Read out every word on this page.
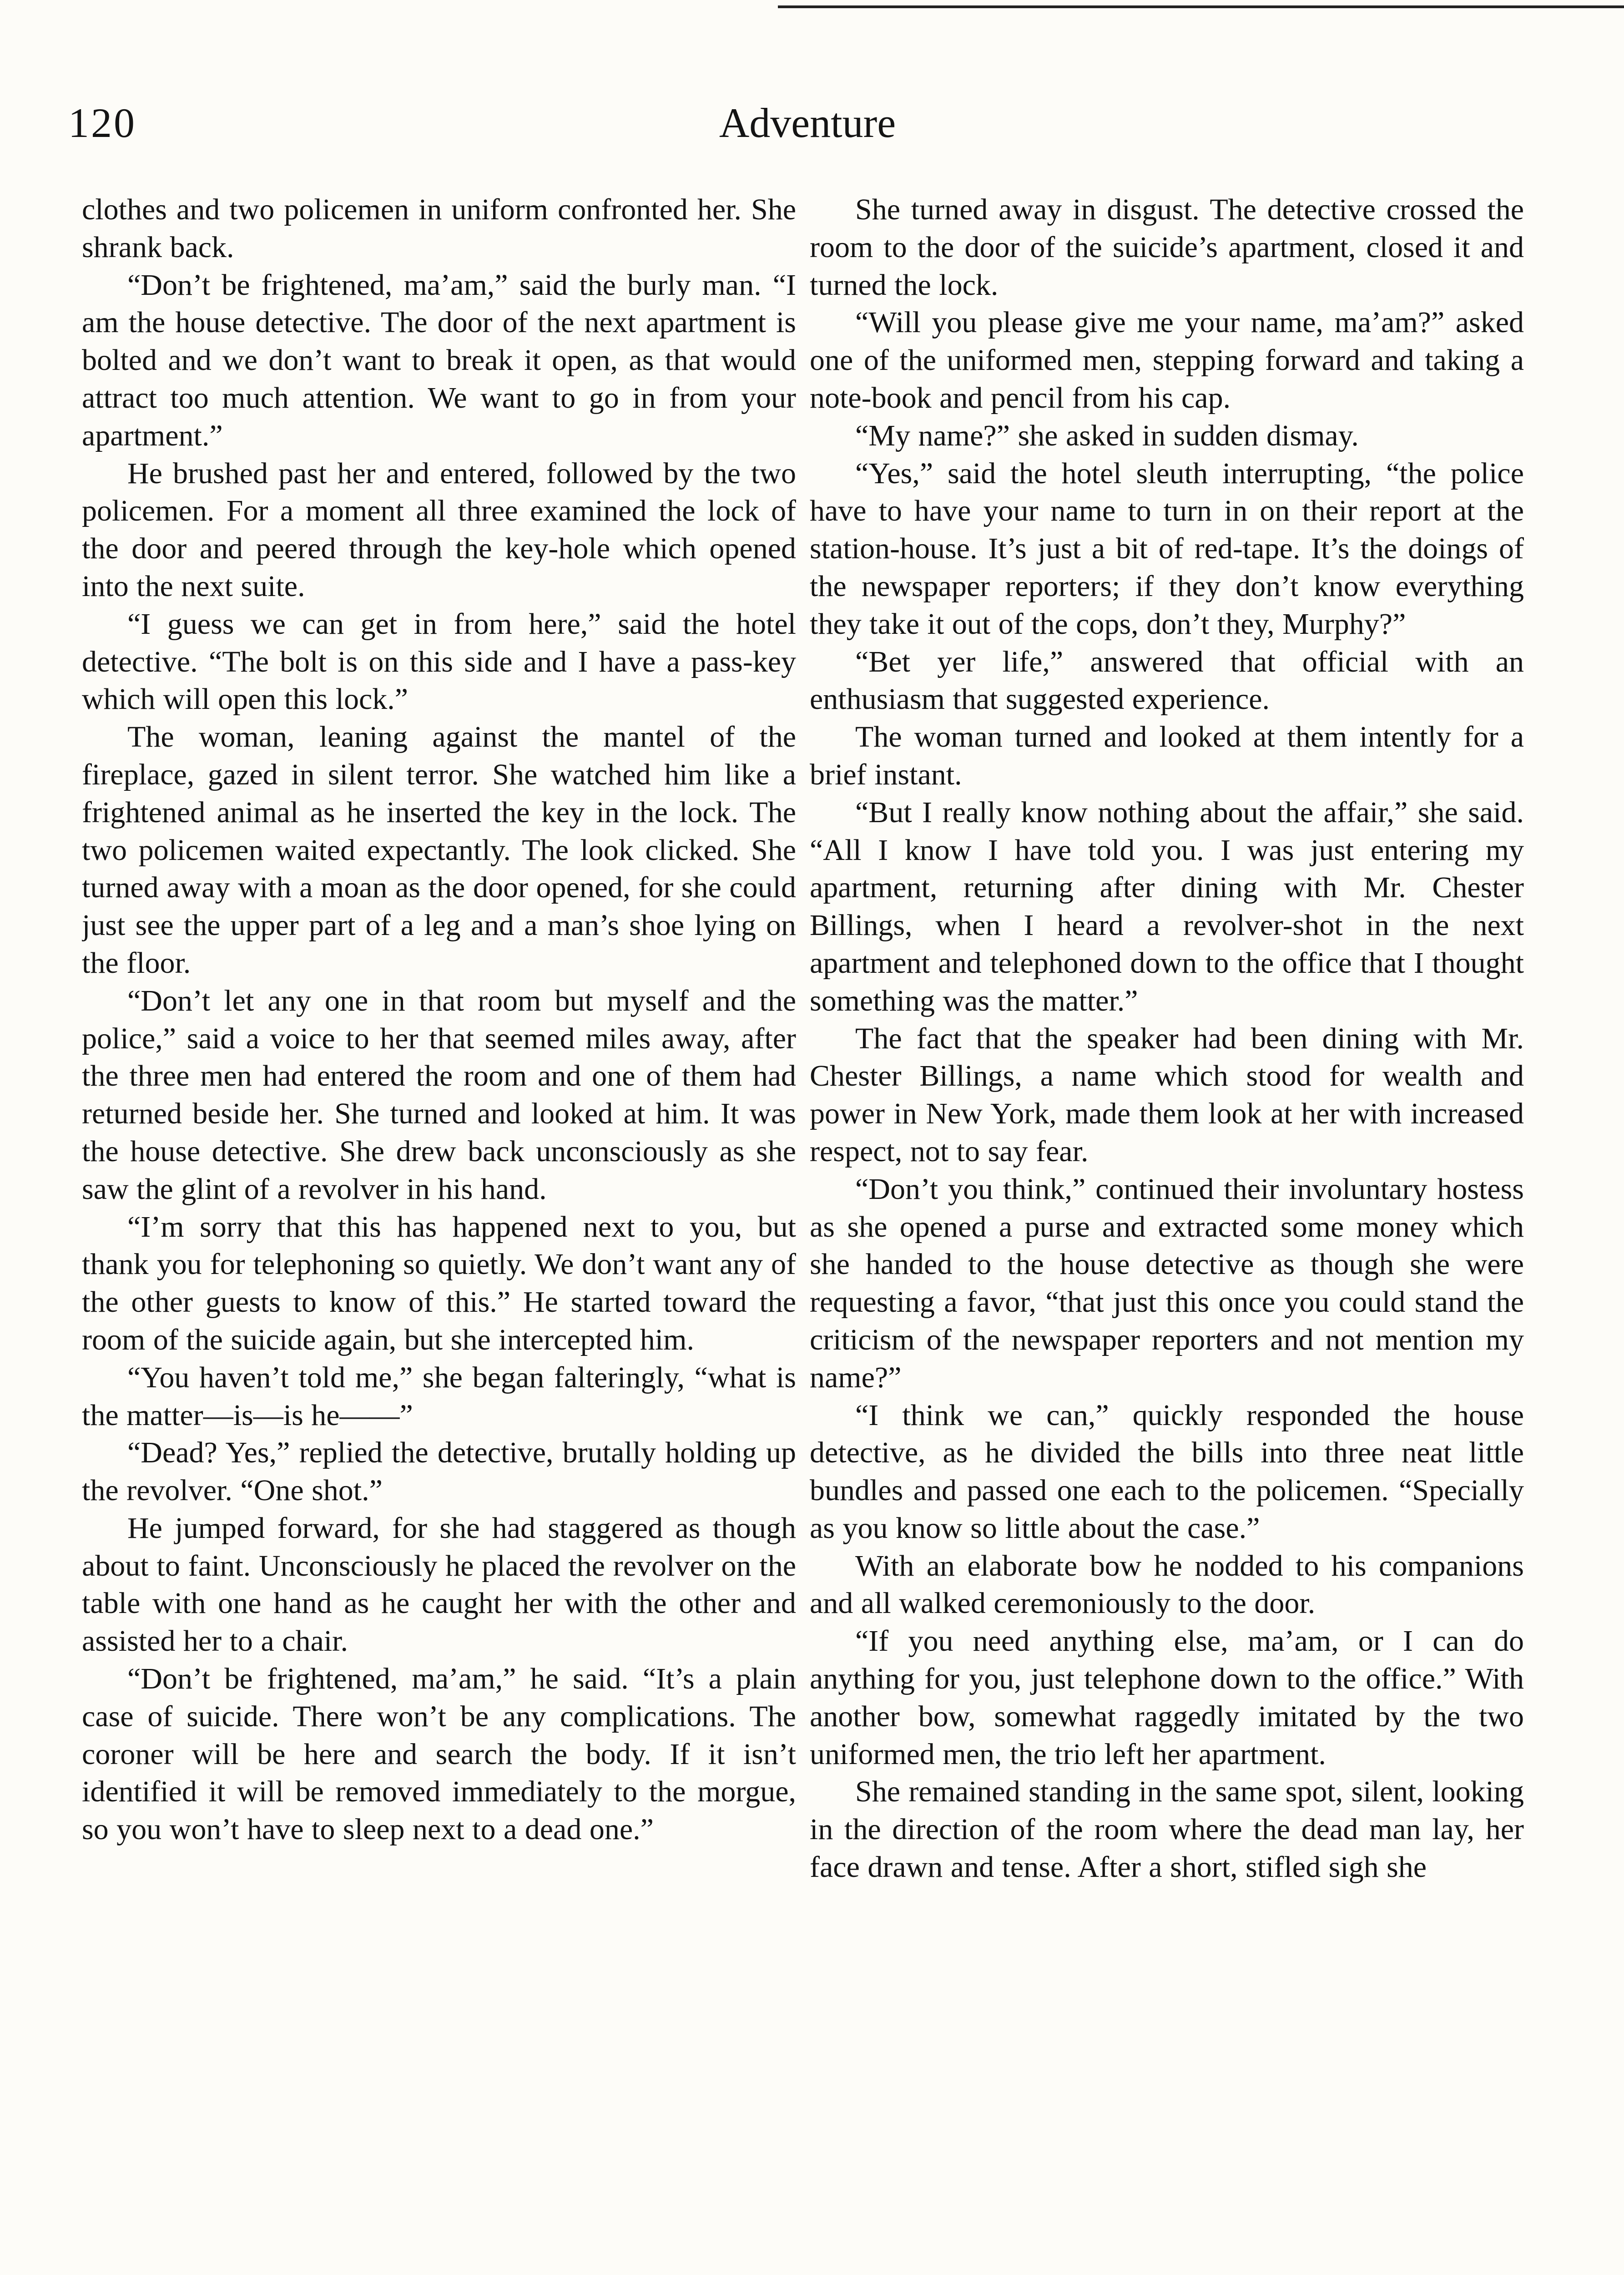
120	Adventure

clothes and two policemen in uniform confronted her. She shrank back.

“Don’t be frightened, ma’am,” said the burly man. “I am the house detective. The door of the next apartment is bolted and we don’t want to break it open, as that would attract too much attention. We want to go in from your apartment.”

He brushed past her and entered, followed by the two policemen. For a moment all three examined the lock of the door and peered through the key-hole which opened into the next suite.

“I guess we can get in from here,” said the hotel detective. “The bolt is on this side and I have a pass-key which will open this lock.”

The woman, leaning against the mantel of the fireplace, gazed in silent terror. She watched him like a frightened animal as he inserted the key in the lock. The two policemen waited expectantly. The look clicked. She turned away with a moan as the door opened, for she could just see the upper part of a leg and a man’s shoe lying on the floor.

“Don’t let any one in that room but myself and the police,” said a voice to her that seemed miles away, after the three men had entered the room and one of them had returned beside her. She turned and looked at him. It was the house detective. She drew back unconsciously as she saw the glint of a revolver in his hand.

“I’m sorry that this has happened next to you, but thank you for telephoning so quietly. We don’t want any of the other guests to know of this.” He started toward the room of the suicide again, but she intercepted him.

“You haven’t told me,” she began falteringly, “what is the matter—is—is he——”

“Dead? Yes,” replied the detective, brutally holding up the revolver. “One shot.”

He jumped forward, for she had staggered as though about to faint. Unconsciously he placed the revolver on the table with one hand as he caught her with the other and assisted her to a chair.

“Don’t be frightened, ma’am,” he said. “It’s a plain case of suicide. There won’t be any complications. The coroner will be here and search the body. If it isn’t identified it will be removed immediately to the morgue, so you won’t have to sleep next to a dead one.”

She turned away in disgust. The detective crossed the room to the door of the suicide’s apartment, closed it and turned the lock.

“Will you please give me your name, ma’am?” asked one of the uniformed men, stepping forward and taking a note-book and pencil from his cap.

“My name?” she asked in sudden dismay.

“Yes,” said the hotel sleuth interrupting, “the police have to have your name to turn in on their report at the station-house. It’s just a bit of red-tape. It’s the doings of the newspaper reporters; if they don’t know everything they take it out of the cops, don’t they, Murphy?”

“Bet yer life,” answered that official with an enthusiasm that suggested experience.

The woman turned and looked at them intently for a brief instant.

“But I really know nothing about the affair,” she said. “All I know I have told you. I was just entering my apartment, returning after dining with Mr. Chester Billings, when I heard a revolver-shot in the next apartment and telephoned down to the office that I thought something was the matter.”

The fact that the speaker had been dining with Mr. Chester Billings, a name which stood for wealth and power in New York, made them look at her with increased respect, not to say fear.

“Don’t you think,” continued their involuntary hostess as she opened a purse and extracted some money which she handed to the house detective as though she were requesting a favor, “that just this once you could stand the criticism of the newspaper reporters and not mention my name?”

“I think we can,” quickly responded the house detective, as he divided the bills into three neat little bundles and passed one each to the policemen. “Specially as you know so little about the case.”

With an elaborate bow he nodded to his companions and all walked ceremoniously to the door.

“If you need anything else, ma’am, or I can do anything for you, just telephone down to the office.” With another bow, somewhat raggedly imitated by the two uniformed men, the trio left her apartment.

She remained standing in the same spot, silent, looking in the direction of the room where the dead man lay, her face drawn and tense. After a short, stifled sigh she
